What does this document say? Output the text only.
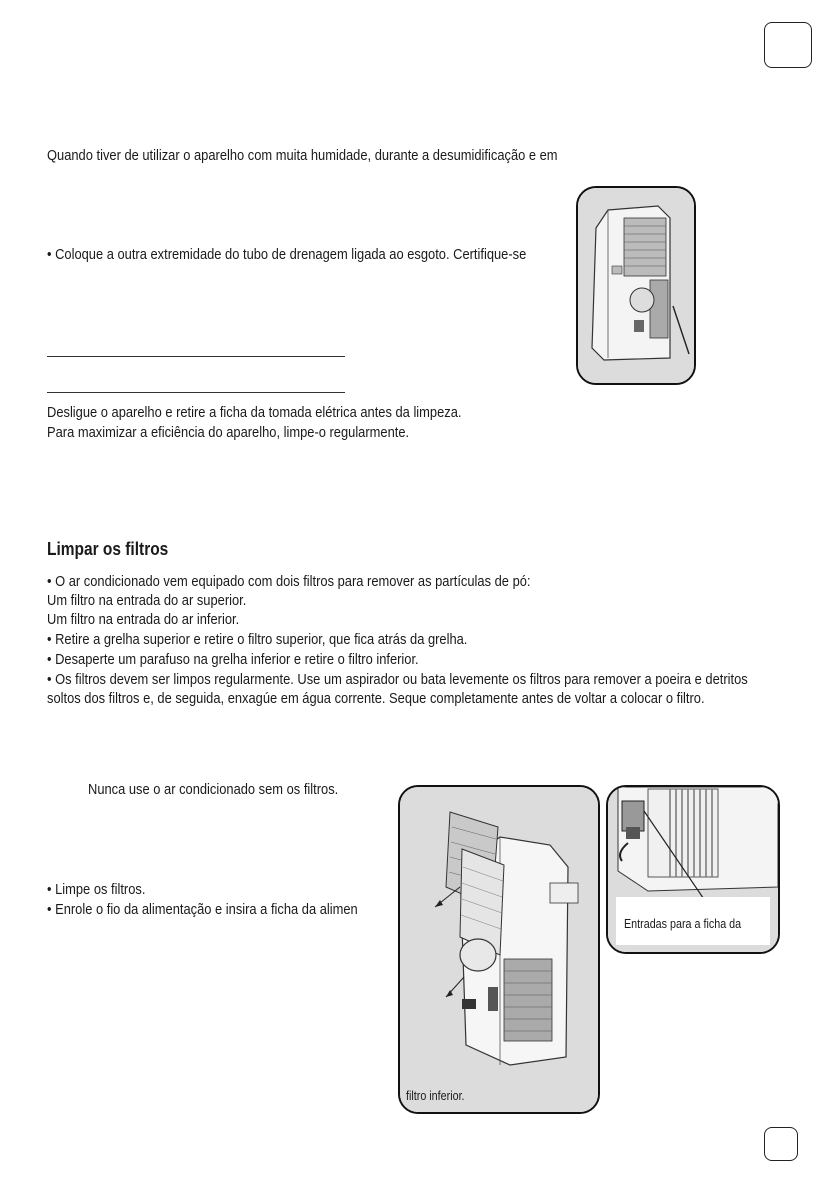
Quando tiver de utilizar o aparelho com muita humidade, durante a desumidificação e em
• Coloque a outra extremidade do tubo de drenagem ligada ao esgoto. Certifique-se
Desligue o aparelho e retire a ficha da tomada elétrica antes da limpeza.
Para maximizar a eficiência do aparelho, limpe-o regularmente.
Limpar os filtros
• O ar condicionado vem equipado com dois filtros para remover as partículas de pó:
Um filtro na entrada do ar superior.
Um filtro na entrada do ar inferior.
• Retire a grelha superior e retire o filtro superior, que fica atrás da grelha.
• Desaperte um parafuso na grelha inferior e retire o filtro inferior.
• Os filtros devem ser limpos regularmente. Use um aspirador ou bata levemente os filtros para remover a poeira e detritos
soltos dos filtros e, de seguida, enxagúe em água corrente. Seque completamente antes de voltar a colocar o filtro.
Nunca use o ar condicionado sem os filtros.
• Limpe os filtros.
• Enrole o fio da alimentação e insira a ficha da alimen
filtro inferior.
Entradas para a ficha da
